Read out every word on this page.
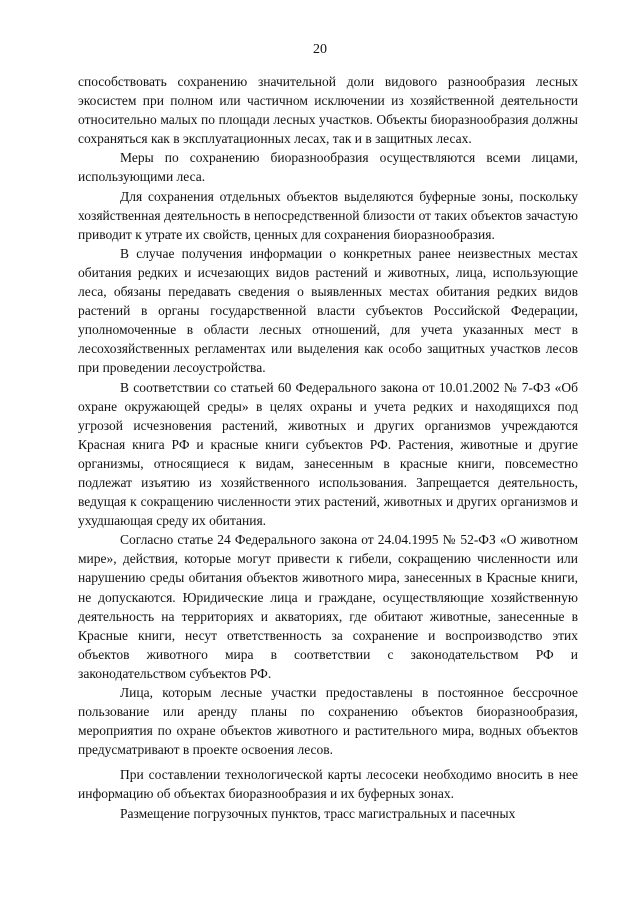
20

способствовать сохранению значительной доли видового разнообразия лесных экосистем при полном или частичном исключении из хозяйственной деятельности относительно малых по площади лесных участков. Объекты биоразнообразия должны сохраняться как в эксплуатационных лесах, так и в защитных лесах.

Меры по сохранению биоразнообразия осуществляются всеми лицами, использующими леса.

Для сохранения отдельных объектов выделяются буферные зоны, поскольку хозяйственная деятельность в непосредственной близости от таких объектов зачастую приводит к утрате их свойств, ценных для сохранения биоразнообразия.

В случае получения информации о конкретных ранее неизвестных местах обитания редких и исчезающих видов растений и животных, лица, использующие леса, обязаны передавать сведения о выявленных местах обитания редких видов растений в органы государственной власти субъектов Российской Федерации, уполномоченные в области лесных отношений, для учета указанных мест в лесохозяйственных регламентах или выделения как особо защитных участков лесов при проведении лесоустройства.

В соответствии со статьей 60 Федерального закона от 10.01.2002 № 7-ФЗ «Об охране окружающей среды» в целях охраны и учета редких и находящихся под угрозой исчезновения растений, животных и других организмов учреждаются Красная книга РФ и красные книги субъектов РФ. Растения, животные и другие организмы, относящиеся к видам, занесенным в красные книги, повсеместно подлежат изъятию из хозяйственного использования. Запрещается деятельность, ведущая к сокращению численности этих растений, животных и других организмов и ухудшающая среду их обитания.

Согласно статье 24 Федерального закона от 24.04.1995 № 52-ФЗ «О животном мире», действия, которые могут привести к гибели, сокращению численности или нарушению среды обитания объектов животного мира, занесенных в Красные книги, не допускаются. Юридические лица и граждане, осуществляющие хозяйственную деятельность на территориях и акваториях, где обитают животные, занесенные в Красные книги, несут ответственность за сохранение и воспроизводство этих объектов животного мира в соответствии с законодательством РФ и законодательством субъектов РФ.

Лица, которым лесные участки предоставлены в постоянное бессрочное пользование или аренду планы по сохранению объектов биоразнообразия, мероприятия по охране объектов животного и растительного мира, водных объектов предусматривают в проекте освоения лесов.

При составлении технологической карты лесосеки необходимо вносить в нее информацию об объектах биоразнообразия и их буферных зонах.

Размещение погрузочных пунктов, трасс магистральных и пасечных
